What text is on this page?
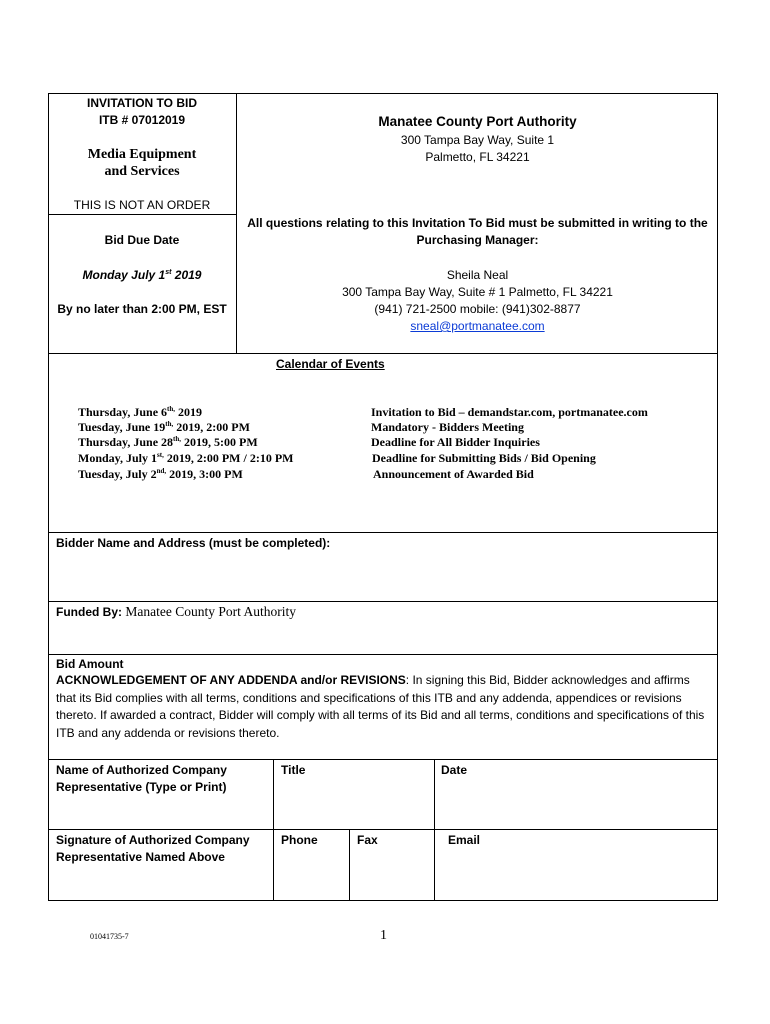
INVITATION TO BID
ITB # 07012019
Media Equipment
and Services
THIS IS NOT AN ORDER
Bid Due Date
Monday July 1st 2019
By no later than 2:00 PM, EST
Manatee County Port Authority
300 Tampa Bay Way, Suite 1
Palmetto, FL 34221
All questions relating to this Invitation To Bid must be submitted in writing to the
Purchasing Manager:
Sheila Neal
300 Tampa Bay Way, Suite # 1 Palmetto, FL 34221
(941) 721-2500 mobile: (941)302-8877
sneal@portmanatee.com
Calendar of Events
Thursday, June $6^{th,}$ 2019	Invitation to Bid – demandstar.com, portmanatee.com
Tuesday, June $19^{th,}$ 2019, 2:00 PM	Mandatory - Bidders Meeting
Thursday, June $28^{th,}$ 2019, 5:00 PM	Deadline for All Bidder Inquiries
Monday, July $1^{st,}$ 2019, 2:00 PM / 2:10 PM	Deadline for Submitting Bids / Bid Opening
Tuesday, July $2^{nd,}$ 2019, 3:00 PM	Announcement of Awarded Bid
Bidder Name and Address (must be completed):
Funded By: Manatee County Port Authority
Bid Amount
ACKNOWLEDGEMENT OF ANY ADDENDA and/or REVISIONS: In signing this Bid, Bidder acknowledges and affirms that its Bid complies with all terms, conditions and specifications of this ITB and any addenda, appendices or revisions thereto. If awarded a contract, Bidder will comply with all terms of its Bid and all terms, conditions and specifications of this ITB and any addenda or revisions thereto.
Name of Authorized Company
Representative (Type or Print)
Title	Date
Signature of Authorized Company
Representative Named Above
Phone	Fax	Email
01041735-7	1
